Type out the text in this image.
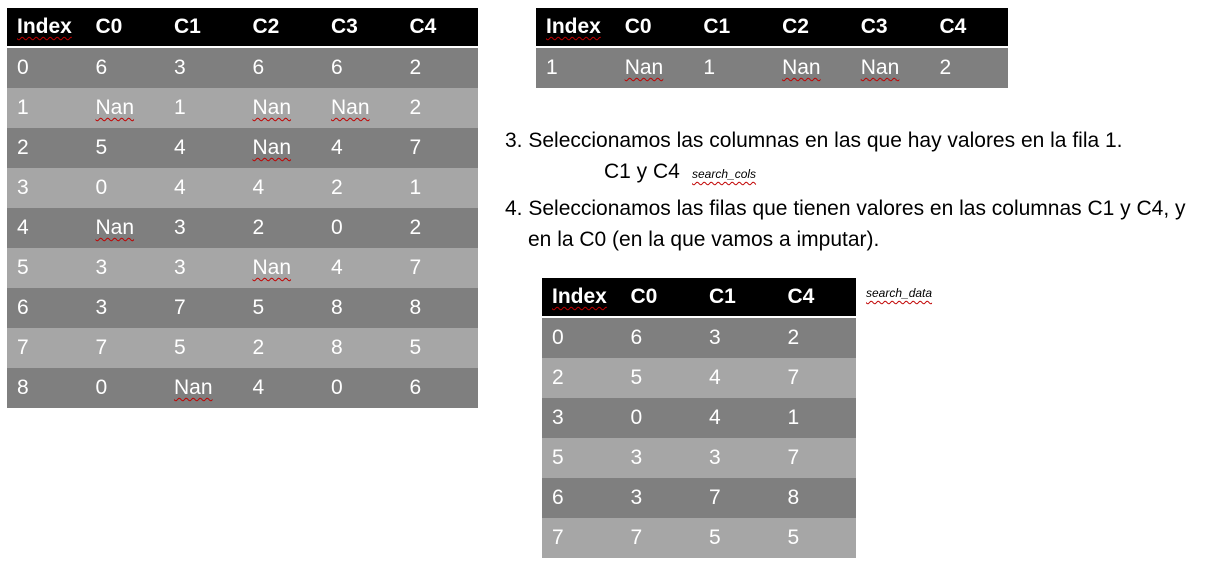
Index	C0	C1	C2	C3	C4
0	6	3	6	6	2
1	Nan	1	Nan	Nan	2
2	5	4	Nan	4	7
3	0	4	4	2	1
4	Nan	3	2	0	2
5	3	3	Nan	4	7
6	3	7	5	8	8
7	7	5	2	8	5
8	0	Nan	4	0	6
Index	C0	C1	C2	C3	C4
1	Nan	1	Nan	Nan	2
3. Seleccionamos las columnas en las que hay valores en la fila 1.
C1 y C4 search_cols
4. Seleccionamos las filas que tienen valores en las columnas C1 y C4, y
en la C0 (en la que vamos a imputar).
search_data
Index	C0	C1	C4
0	6	3	2
2	5	4	7
3	0	4	1
5	3	3	7
6	3	7	8
7	7	5	5
